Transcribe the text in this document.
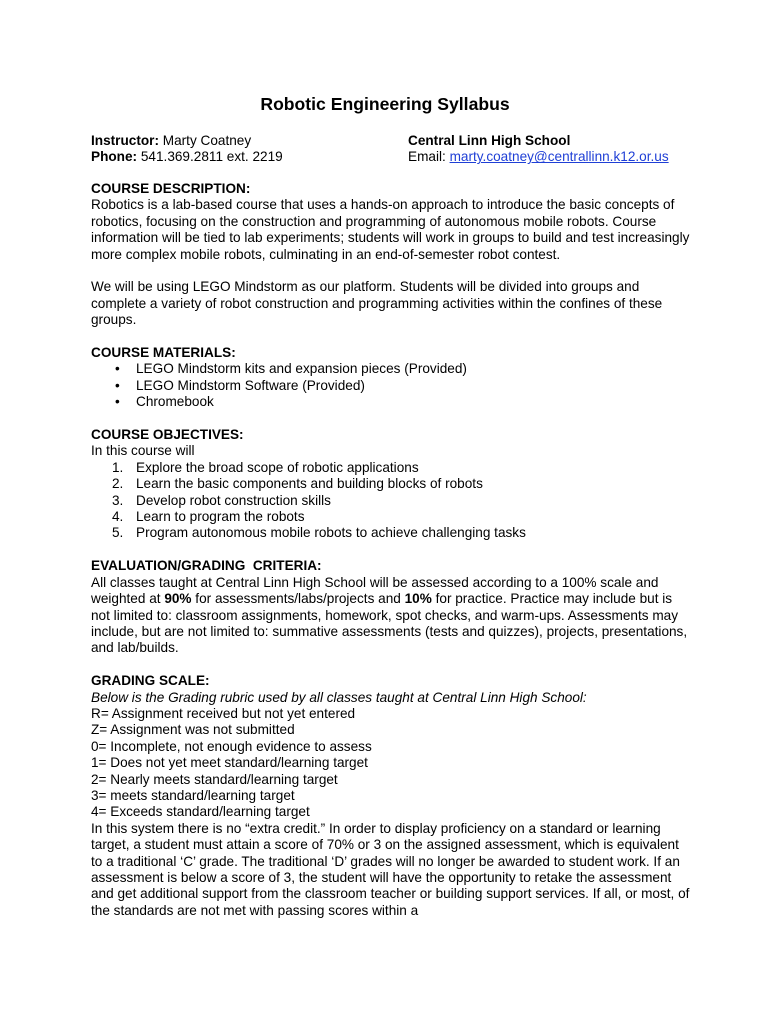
Robotic Engineering Syllabus
Instructor: Marty Coatney
Phone: 541.369.2811 ext. 2219
Central Linn High School
Email: marty.coatney@centrallinn.k12.or.us
COURSE DESCRIPTION:

Robotics is a lab-based course that uses a hands-on approach to introduce the basic concepts of robotics, focusing on the construction and programming of autonomous mobile robots. Course information will be tied to lab experiments; students will work in groups to build and test increasingly more complex mobile robots, culminating in an end-of-semester robot contest.

We will be using LEGO Mindstorm as our platform. Students will be divided into groups and complete a variety of robot construction and programming activities within the confines of these groups.

COURSE MATERIALS:
• LEGO Mindstorm kits and expansion pieces (Provided)
• LEGO Mindstorm Software (Provided)
• Chromebook
COURSE OBJECTIVES:

In this course will

1. Explore the broad scope of robotic applications
2. Learn the basic components and building blocks of robots
3. Develop robot construction skills
4. Learn to program the robots
5. Program autonomous mobile robots to achieve challenging tasks
EVALUATION/GRADING  CRITERIA:

All classes taught at Central Linn High School will be assessed according to a 100% scale and weighted at 90% for assessments/labs/projects and 10% for practice. Practice may include but is not limited to: classroom assignments, homework, spot checks, and warm-ups. Assessments may include, but are not limited to: summative assessments (tests and quizzes), projects, presentations, and lab/builds.

GRADING SCALE:

Below is the Grading rubric used by all classes taught at Central Linn High School:

R= Assignment received but not yet entered

Z= Assignment was not submitted

0= Incomplete, not enough evidence to assess

1= Does not yet meet standard/learning target

2= Nearly meets standard/learning target

3= meets standard/learning target

4= Exceeds standard/learning target

In this system there is no “extra credit.” In order to display proficiency on a standard or learning target, a student must attain a score of 70% or 3 on the assigned assessment, which is equivalent to a traditional ‘C’ grade. The traditional ‘D’ grades will no longer be awarded to student work. If an assessment is below a score of 3, the student will have the opportunity to retake the assessment and get additional support from the classroom teacher or building support services. If all, or most, of the standards are not met with passing scores within a
